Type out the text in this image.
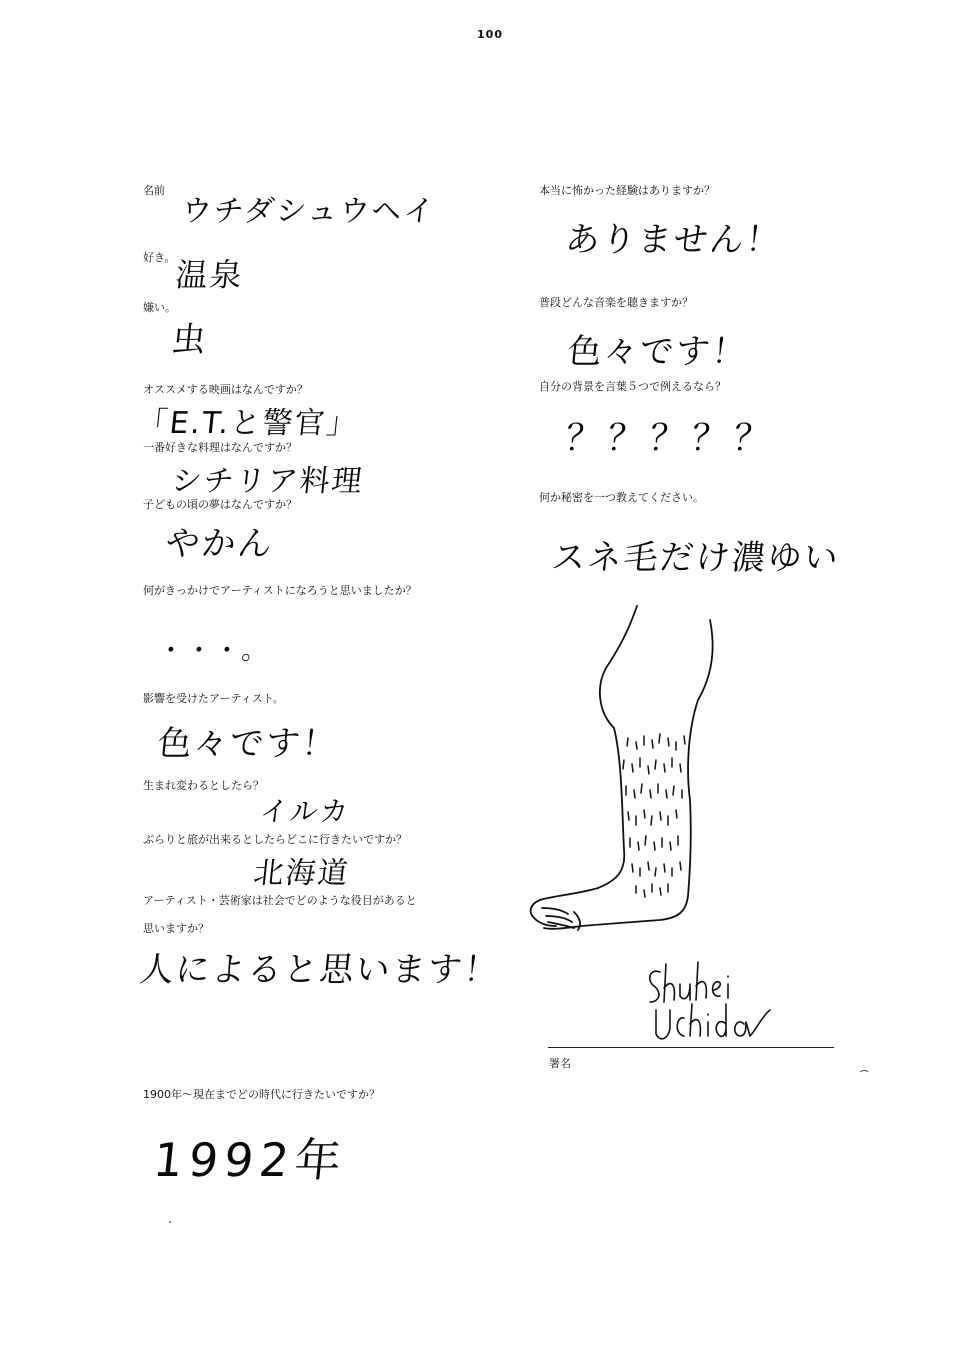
100
名前
ウチダシュウヘイ
好き。
温泉
嫌い。
虫
オススメする映画はなんですか？
「E.T.と警官」
一番好きな料理はなんですか？
シチリア料理
子どもの頃の夢はなんですか？
やかん
何がきっかけでアーティストになろうと思いましたか？
・・・。
影響を受けたアーティスト。
色々です！
生まれ変わるとしたら？
イルカ
ぶらりと旅が出来るとしたらどこに行きたいですか？
北海道
アーティスト・芸術家は社会でどのような役目があると
思いますか？
人によると思います！
1900年～現在までどの時代に行きたいですか？
1992年
本当に怖かった経験はありますか？
ありません！
普段どんな音楽を聴きますか？
色々です！
自分の背景を言葉５つで例えるなら？
？？？？？
何か秘密を一つ教えてください。
スネ毛だけ濃ゆい
署名
